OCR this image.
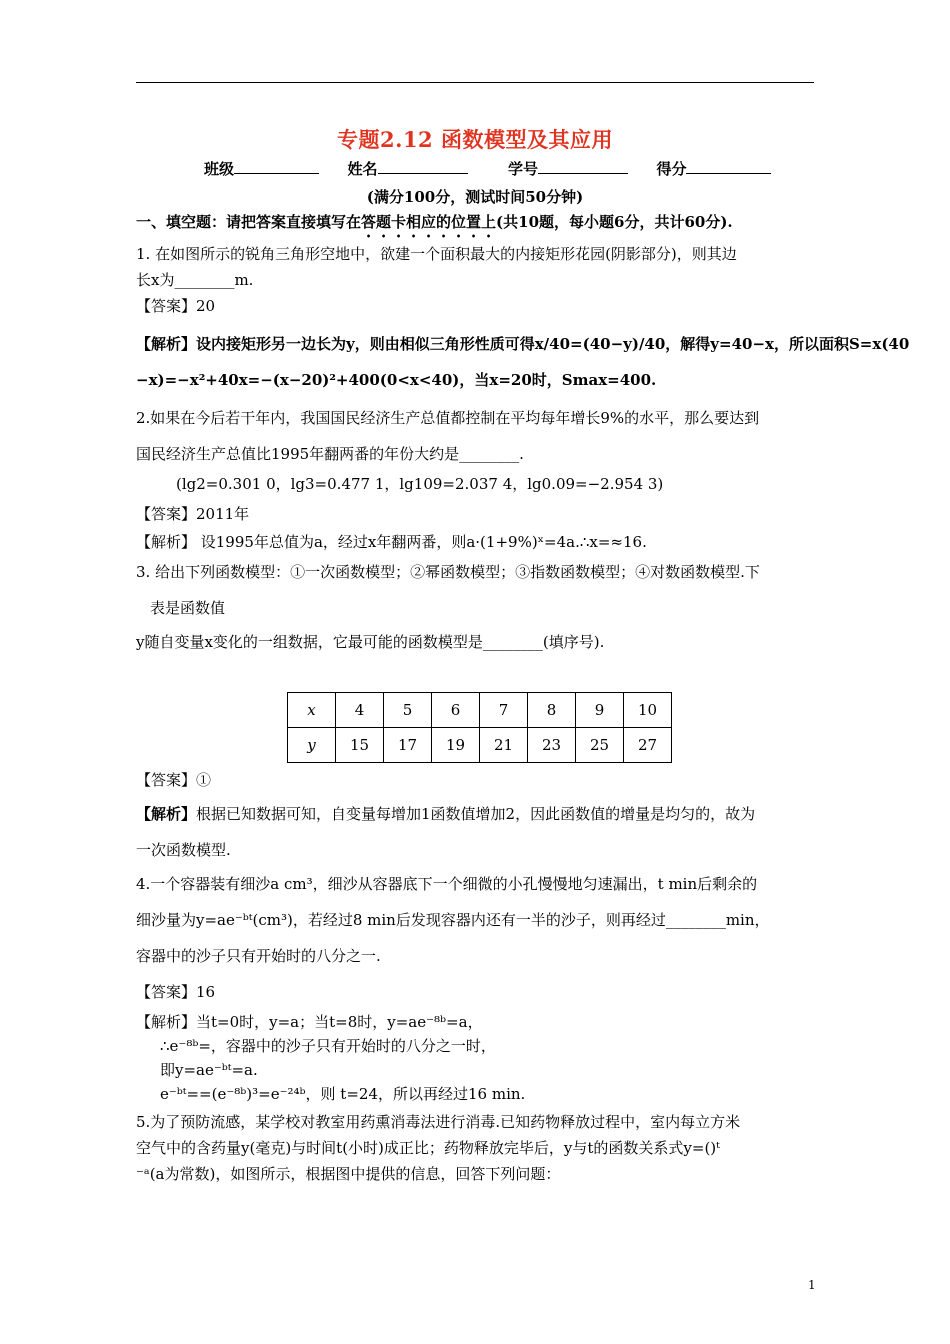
专题2.12 函数模型及其应用
班级	姓名	学号	得分
(满分100分，测试时间50分钟)
一、填空题：请把答案直接填写在答题卡相应的位置上(共10题，每小题6分，共计60分).
1. 在如图所示的锐角三角形空地中，欲建一个面积最大的内接矩形花园(阴影部分)，则其边
长x为________m.
【答案】20
【解析】设内接矩形另一边长为y，则由相似三角形性质可得x/40=(40−y)/40，解得y=40−x，所以面积S=x(40
−x)=−x²+40x=−(x−20)²+400(0<x<40)，当x=20时，Smax=400.
2.如果在今后若干年内，我国国民经济生产总值都控制在平均每年增长9%的水平，那么要达到
国民经济生产总值比1995年翻两番的年份大约是________.
(lg2=0.301 0，lg3=0.477 1，lg109=2.037 4，lg0.09=−2.954 3)
【答案】2011年
【解析】 设1995年总值为a，经过x年翻两番，则a·(1+9%)ˣ=4a.∴x=≈16.
3. 给出下列函数模型：①一次函数模型；②幂函数模型；③指数函数模型；④对数函数模型.下
表是函数值
y随自变量x变化的一组数据，它最可能的函数模型是________(填序号).
x	4	5	6	7	8	9	10
y	15	17	19	21	23	25	27
【答案】①
【解析】根据已知数据可知，自变量每增加1函数值增加2，因此函数值的增量是均匀的，故为
一次函数模型.
4.一个容器装有细沙a cm³，细沙从容器底下一个细微的小孔慢慢地匀速漏出，t min后剩余的
细沙量为y=ae⁻ᵇᵗ(cm³)，若经过8 min后发现容器内还有一半的沙子，则再经过________min，
容器中的沙子只有开始时的八分之一.
【答案】16
【解析】当t=0时，y=a；当t=8时，y=ae⁻⁸ᵇ=a，
∴e⁻⁸ᵇ=，容器中的沙子只有开始时的八分之一时，
即y=ae⁻ᵇᵗ=a.
e⁻ᵇᵗ==(e⁻⁸ᵇ)³=e⁻²⁴ᵇ，则 t=24，所以再经过16 min.
5.为了预防流感，某学校对教室用药熏消毒法进行消毒.已知药物释放过程中，室内每立方米
空气中的含药量y(毫克)与时间t(小时)成正比；药物释放完毕后，y与t的函数关系式y=()ᵗ
⁻ᵃ(a为常数)，如图所示，根据图中提供的信息，回答下列问题：
1
